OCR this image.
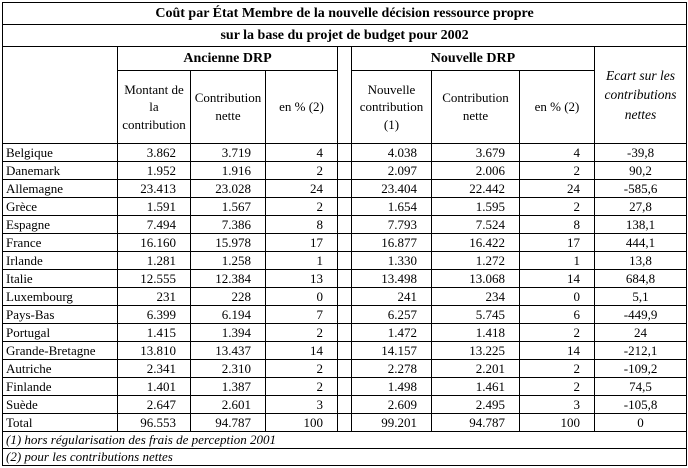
Coût par État Membre de la nouvelle décision ressource propre								
sur la base du projet de budget pour 2002								
	Ancienne DRP				Nouvelle DRP			Ecart sur les contributions nettes
	Montant de la contribution	Contribution nette	en % (2)		Nouvelle contribution (1)	Contribution nette	en % (2)	
Belgique	3.862	3.719	4		4.038	3.679	4	-39,8
Danemark	1.952	1.916	2		2.097	2.006	2	90,2
Allemagne	23.413	23.028	24		23.404	22.442	24	-585,6
Grèce	1.591	1.567	2		1.654	1.595	2	27,8
Espagne	7.494	7.386	8		7.793	7.524	8	138,1
France	16.160	15.978	17		16.877	16.422	17	444,1
Irlande	1.281	1.258	1		1.330	1.272	1	13,8
Italie	12.555	12.384	13		13.498	13.068	14	684,8
Luxembourg	231	228	0		241	234	0	5,1
Pays-Bas	6.399	6.194	7		6.257	5.745	6	-449,9
Portugal	1.415	1.394	2		1.472	1.418	2	24
Grande-Bretagne	13.810	13.437	14		14.157	13.225	14	-212,1
Autriche	2.341	2.310	2		2.278	2.201	2	-109,2
Finlande	1.401	1.387	2		1.498	1.461	2	74,5
Suède	2.647	2.601	3		2.609	2.495	3	-105,8
Total	96.553	94.787	100		99.201	94.787	100	0
(1) hors régularisation des frais de perception 2001								
(2) pour les contributions nettes								
